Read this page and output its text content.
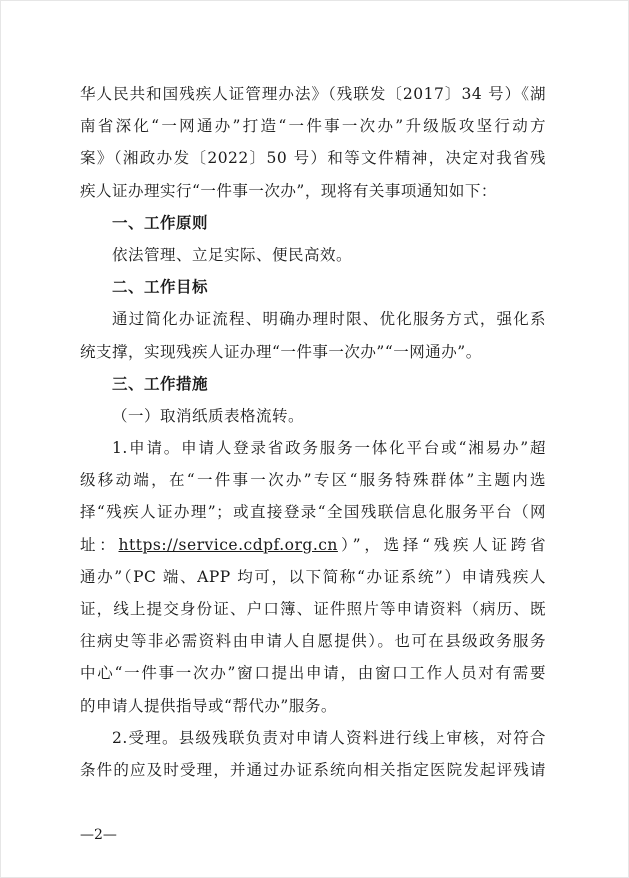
华人民共和国残疾人证管理办法》（残联发〔2017〕34 号）《湖
南省深化“一网通办”打造“一件事一次办”升级版攻坚行动方
案》（湘政办发〔2022〕50 号）和等文件精神，决定对我省残
疾人证办理实行“一件事一次办”，现将有关事项通知如下：
一、工作原则
依法管理、立足实际、便民高效。
二、工作目标
通过简化办证流程、明确办理时限、优化服务方式，强化系
统支撑，实现残疾人证办理“一件事一次办”“一网通办”。
三、工作措施
（一）取消纸质表格流转。
1.申请。申请人登录省政务服务一体化平台或“湘易办”超
级移动端，在“一件事一次办”专区“服务特殊群体”主题内选
择“残疾人证办理”；或直接登录“全国残联信息化服务平台（网
址：https://service.cdpf.org.cn）”，选择“残疾人证跨省
通办”（PC 端、APP 均可，以下简称“办证系统”）申请残疾人
证，线上提交身份证、户口簿、证件照片等申请资料（病历、既
往病史等非必需资料由申请人自愿提供）。也可在县级政务服务
中心“一件事一次办”窗口提出申请，由窗口工作人员对有需要
的申请人提供指导或“帮代办”服务。
2.受理。县级残联负责对申请人资料进行线上审核，对符合
条件的应及时受理，并通过办证系统向相关指定医院发起评残请
—2—
